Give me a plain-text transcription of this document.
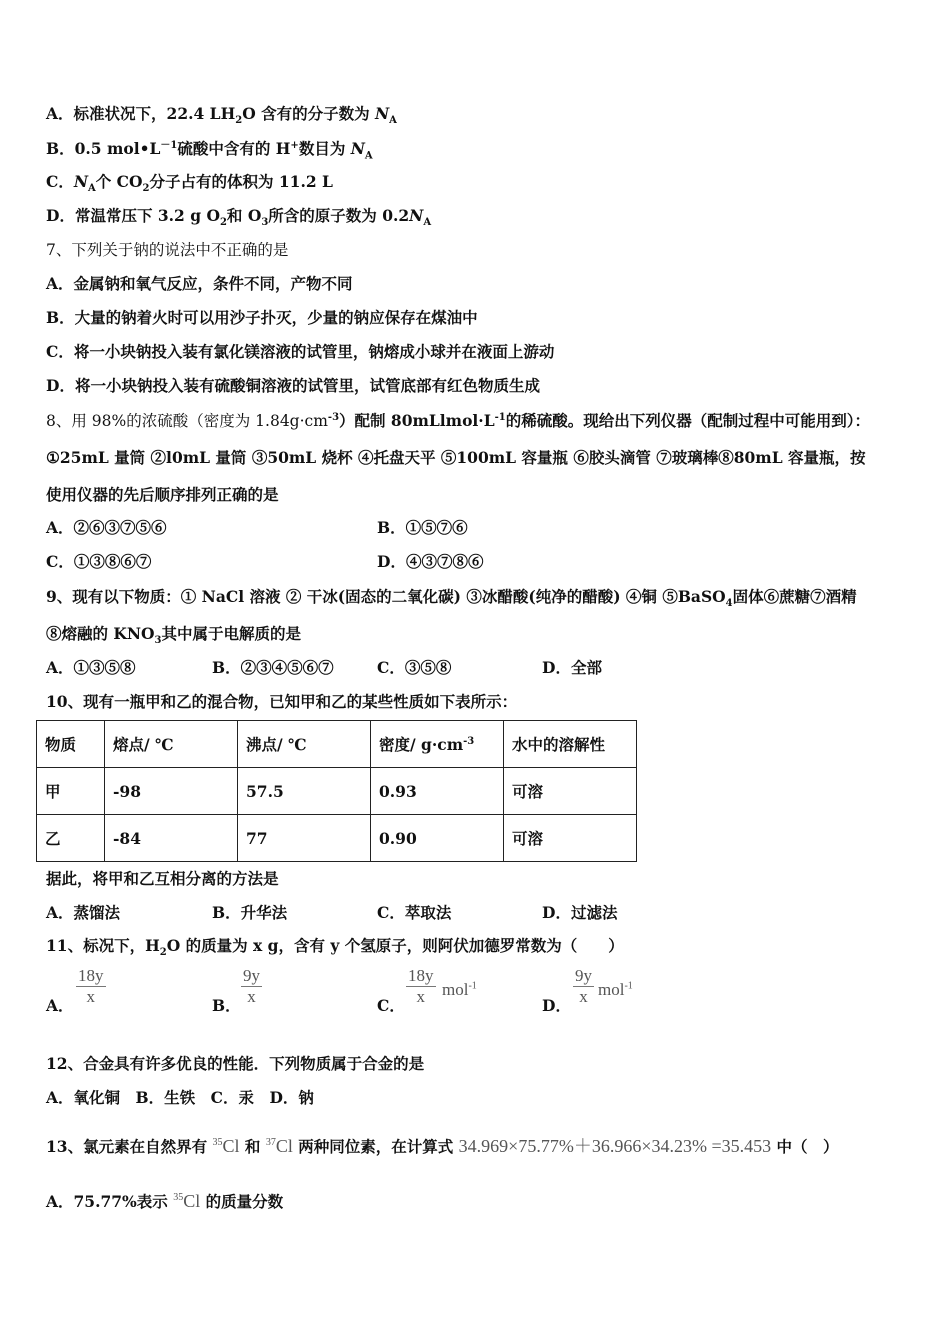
A．标准状况下，22.4 $LH_2O$ 含有的分子数为 $N_A$
B．0.5 $mol•L^{-1}$硫酸中含有的 H+数目为 $N_A$
C．$N_A$个 $CO_2$分子占有的体积为 11.2 L
D．常温常压下 3.2 g $O_2$和 $O_3$所含的原子数为 $0.2N_A$
7、下列关于钠的说法中不正确的是
A．金属钠和氧气反应，条件不同，产物不同
B．大量的钠着火时可以用沙子扑灭，少量的钠应保存在煤油中
C．将一小块钠投入装有氯化镁溶液的试管里，钠熔成小球并在液面上游动
D．将一小块钠投入装有硫酸铜溶液的试管里，试管底部有红色物质生成
8、用 98%的浓硫酸（密度为 $1.84g\cdot cm^{-3}$）配制 $80mLlmol\cdot L^{-1}$的稀硫酸。现给出下列仪器（配制过程中可能用到）：
①25mL 量筒 ②l0mL 量筒 ③50mL 烧杯 ④托盘天平 ⑤100mL 容量瓶 ⑥胶头滴管 ⑦玻璃棒⑧80mL 容量瓶，按
使用仪器的先后顺序排列正确的是
A．②⑥③⑦⑤⑥	B．①⑤⑦⑥
C．①③⑧⑥⑦	D．④③⑦⑧⑥
9、现有以下物质：① NaCl 溶液 ② 干冰(固态的二氧化碳) ③冰醋酸(纯净的醋酸) ④铜 ⑤BaSO$_4$固体⑥蔗糖⑦酒精
⑧熔融的 $KNO_3$其中属于电解质的是
A．①③⑤⑧	B．②③④⑤⑥⑦	C．③⑤⑧	D．全部
10、现有一瓶甲和乙的混合物，已知甲和乙的某些性质如下表所示：
物质	熔点/ ℃	沸点/ ℃	密度/ $g\cdot cm^{-3}$	水中的溶解性
甲	-98	57.5	0.93	可溶
乙	-84	77	0.90	可溶
据此，将甲和乙互相分离的方法是
A．蒸馏法	B．升华法	C．萃取法	D．过滤法
11、标况下，$H_2O$ 的质量为 x g，含有 y 个氢原子，则阿伏加德罗常数为（　　）
A． $\frac{18y}{x}$	B． $\frac{9y}{x}$	C． $\frac{18y}{x} mol^{-1}$
D． $\frac{9y}{x} mol^{-1}$
12、合金具有许多优良的性能．下列物质属于合金的是
A．氧化铜　B．生铁　C．汞　D．钠
13、氯元素在自然界有 $^{35}$Cl 和 $^{37}$Cl 两种同位素，在计算式 34.969×75.77%＋36.966×34.23% =35.453 中（　）
A．75.77%表示 $^{35}$Cl 的质量分数
